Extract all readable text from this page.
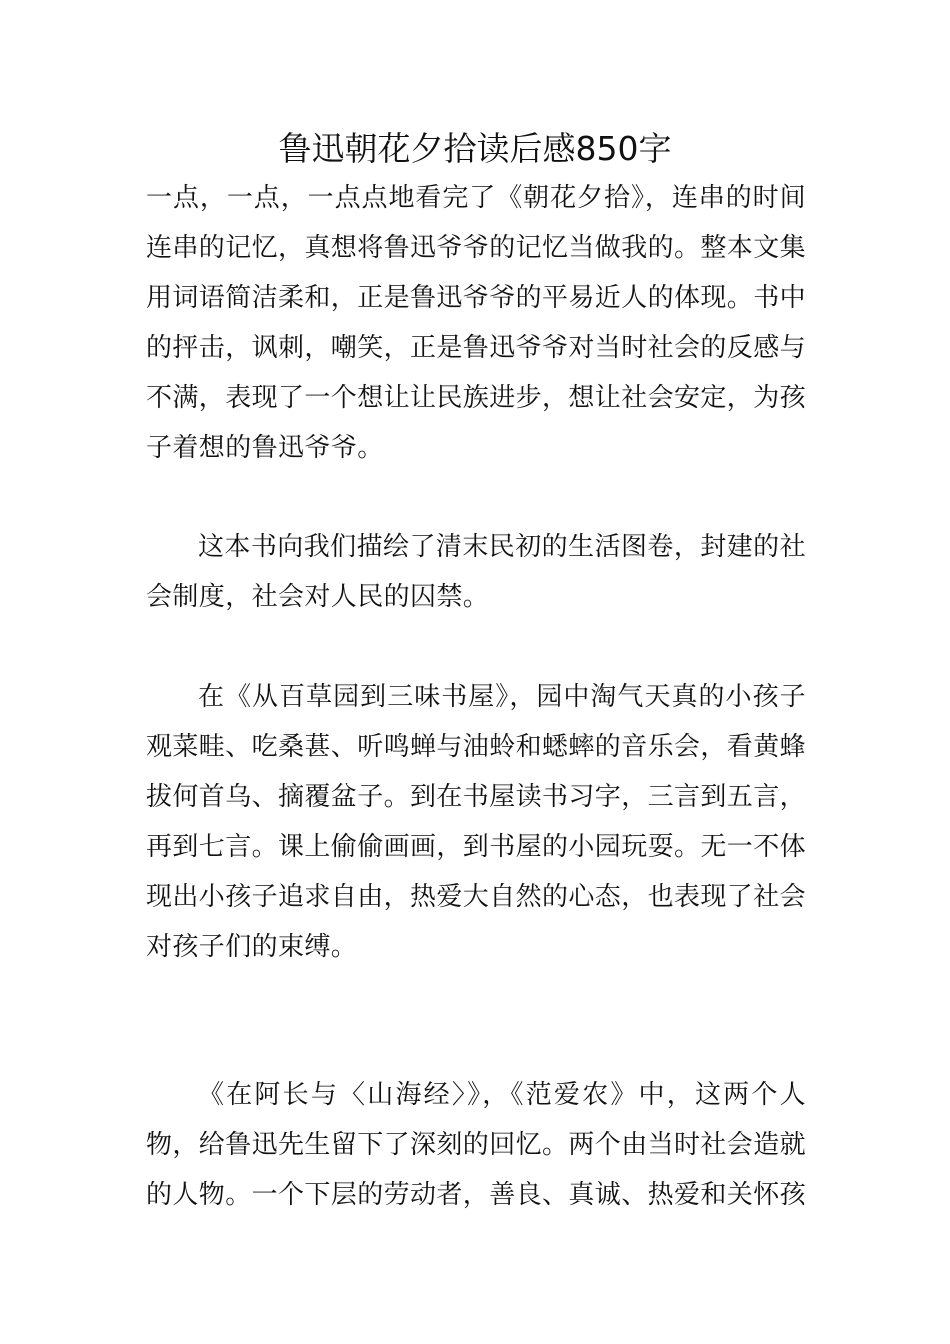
鲁迅朝花夕拾读后感850字

一点，一点，一点点地看完了《朝花夕拾》，连串的时间连串的记忆，真想将鲁迅爷爷的记忆当做我的。整本文集用词语简洁柔和，正是鲁迅爷爷的平易近人的体现。书中的抨击，讽刺，嘲笑，正是鲁迅爷爷对当时社会的反感与不满，表现了一个想让让民族进步，想让社会安定，为孩子着想的鲁迅爷爷。

这本书向我们描绘了清末民初的生活图卷，封建的社会制度，社会对人民的囚禁。

在《从百草园到三味书屋》，园中淘气天真的小孩子观菜畦、吃桑葚、听鸣蝉与油蛉和蟋蟀的音乐会，看黄蜂拔何首乌、摘覆盆子。到在书屋读书习字，三言到五言，再到七言。课上偷偷画画，到书屋的小园玩耍。无一不体现出小孩子追求自由，热爱大自然的心态，也表现了社会对孩子们的束缚。

《在阿长与〈山海经〉》，《范爱农》中，这两个人物，给鲁迅先生留下了深刻的回忆。两个由当时社会造就的人物。一个下层的劳动者，善良、真诚、热爱和关怀孩
